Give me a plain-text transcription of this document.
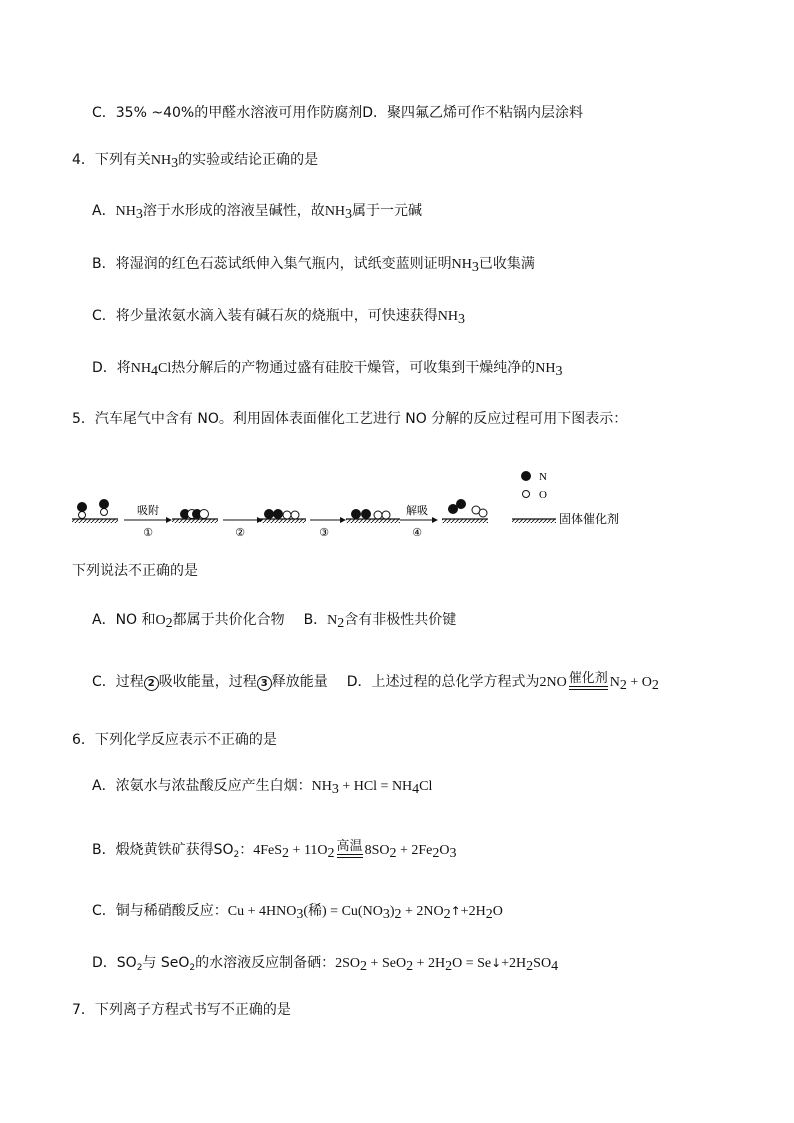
C．35% ~40%的甲醛水溶液可用作防腐剂D．聚四氟乙烯可作不粘锅内层涂料
4．下列有关$NH_3$的实验或结论正确的是
A．$NH_3$溶于水形成的溶液呈碱性，故$NH_3$属于一元碱
B．将湿润的红色石蕊试纸伸入集气瓶内，试纸变蓝则证明$NH_3$已收集满
C．将少量浓氨水滴入装有碱石灰的烧瓶中，可快速获得$NH_3$
D．将$NH_4Cl$热分解后的产物通过盛有硅胶干燥管，可收集到干燥纯净的$NH_3$
5．汽车尾气中含有 NO。利用固体表面催化工艺进行 NO 分解的反应过程可用下图表示：
吸附
①	②	③
解吸
④
N
O
固体催化剂
下列说法不正确的是
A．NO 和$O_2$都属于共价化合物 B．$N_2$含有非极性共价键
C．过程 2 吸收能量，过程 3 释放能量 D．上述过程的总化学方程式为2NO 催化剂 $N_2 + O_2$
6．下列化学反应表示不正确的是
A．浓氨水与浓盐酸反应产生白烟：$NH_3$ + HCl = $NH_4Cl$
B．煅烧黄铁矿获得$SO_2$：$4FeS_2 + 11O_2$ 高温 $8SO_2 + 2Fe_2O_3$
C．铜与稀硝酸反应：$Cu + 4HNO_3$(稀) = $Cu(NO_3)_2$ + $2NO_2↑+2H_2O$
D．$SO_2$与 SeO$_2$的水溶液反应制备硒：$2SO_2 + SeO_2 + 2H_2O$ = $Se↓+2H_2SO_4$
7．下列离子方程式书写不正确的是
